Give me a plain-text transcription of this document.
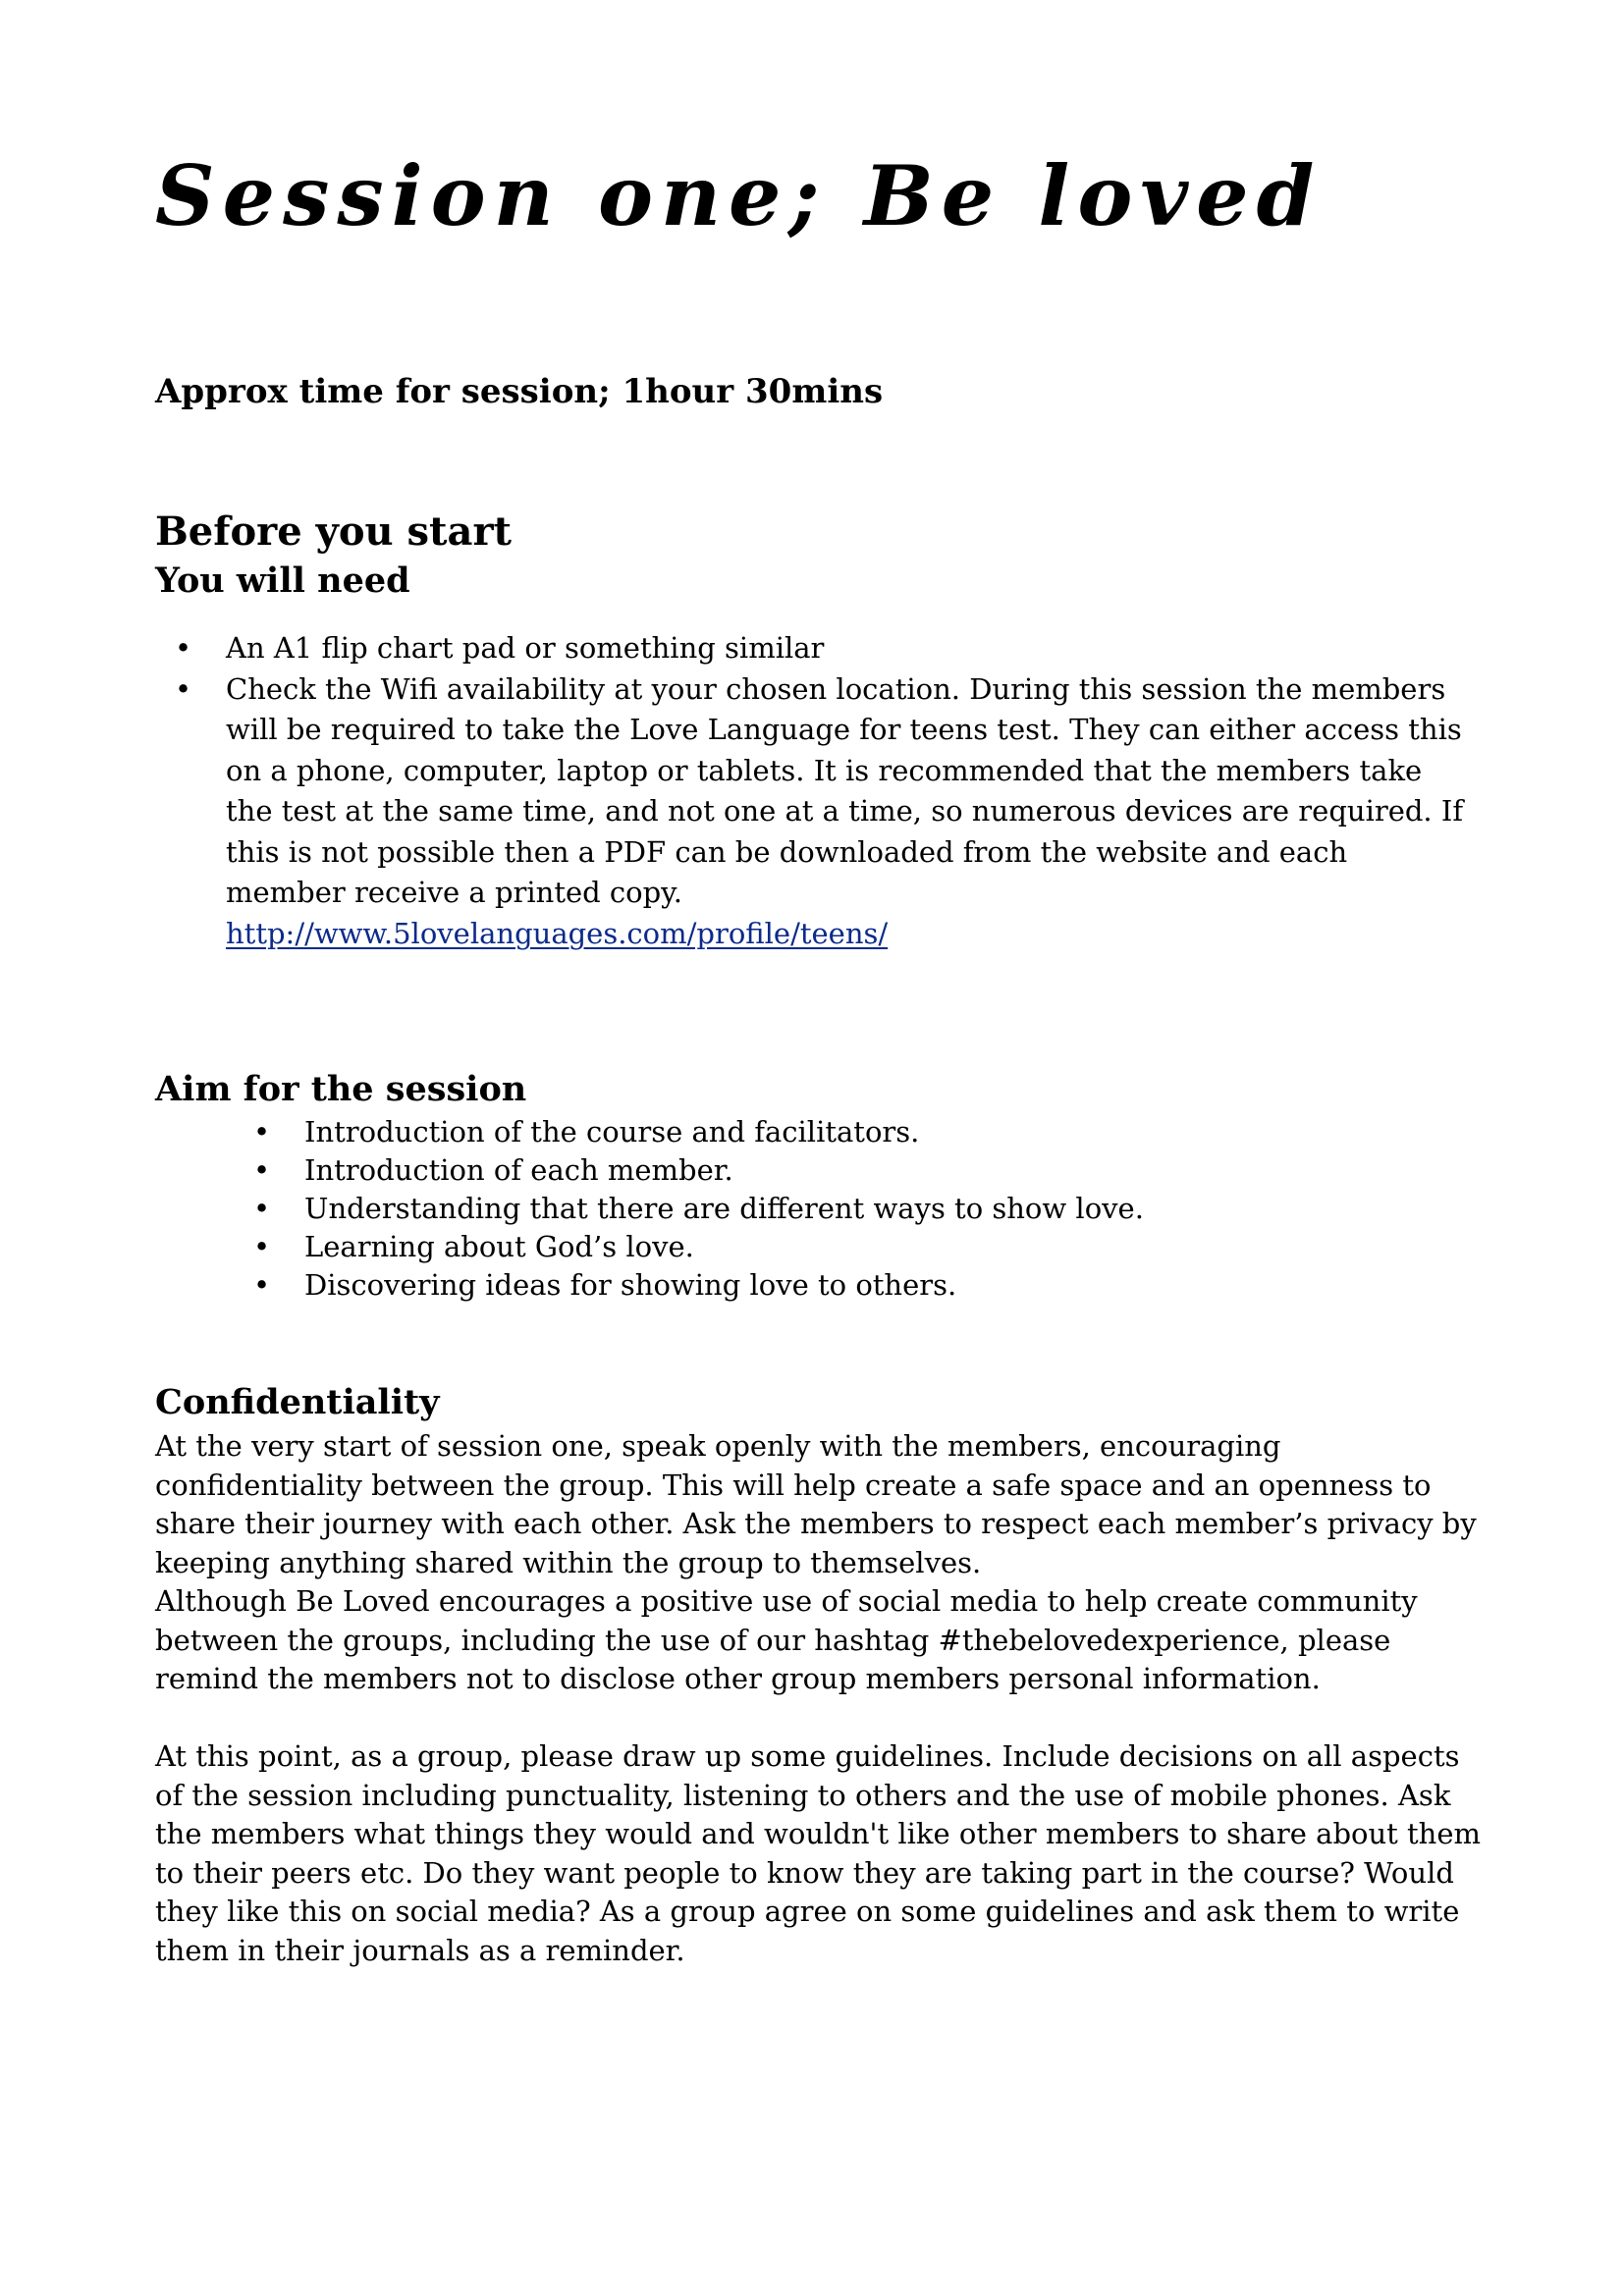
Session one; Be loved

Approx time for session; 1hour 30mins

Before you start
You will need
• An A1 flip chart pad or something similar
• Check the Wifi availability at your chosen location. During this session the members will be required to take the Love Language for teens test. They can either access this on a phone, computer, laptop or tablets. It is recommended that the members take the test at the same time, and not one at a time, so numerous devices are required. If this is not possible then a PDF can be downloaded from the website and each member receive a printed copy.
http://www.5lovelanguages.com/profile/teens/
Aim for the session
• Introduction of the course and facilitators.
• Introduction of each member.
• Understanding that there are different ways to show love.
• Learning about God’s love.
• Discovering ideas for showing love to others.
Confidentiality

At the very start of session one, speak openly with the members, encouraging confidentiality between the group. This will help create a safe space and an openness to share their journey with each other. Ask the members to respect each member’s privacy by keeping anything shared within the group to themselves.

Although Be Loved encourages a positive use of social media to help create community between the groups, including the use of our hashtag #thebelovedexperience, please remind the members not to disclose other group members personal information.

At this point, as a group, please draw up some guidelines. Include decisions on all aspects of the session including punctuality, listening to others and the use of mobile phones. Ask the members what things they would and wouldn't like other members to share about them to their peers etc. Do they want people to know they are taking part in the course? Would they like this on social media? As a group agree on some guidelines and ask them to write them in their journals as a reminder.
